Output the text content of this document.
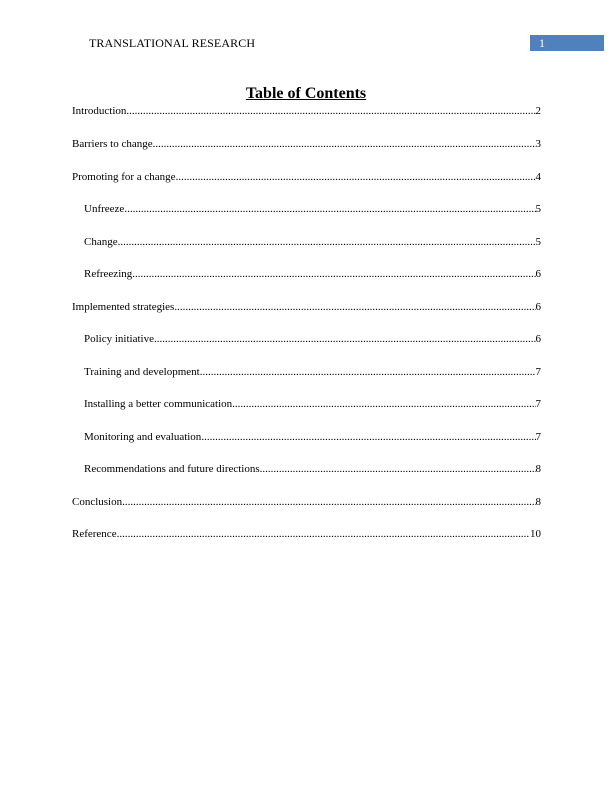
TRANSLATIONAL RESEARCH	1
Table of Contents
Introduction .....	2
Barriers to change .....	3
Promoting for a change .....	4
Unfreeze .....	5
Change .....	5
Refreezing .....	6
Implemented strategies .....	6
Policy initiative .....	6
Training and development .....	7
Installing a better communication .....	7
Monitoring and evaluation .....	7
Recommendations and future directions .....	8
Conclusion .....	8
Reference .....	10
